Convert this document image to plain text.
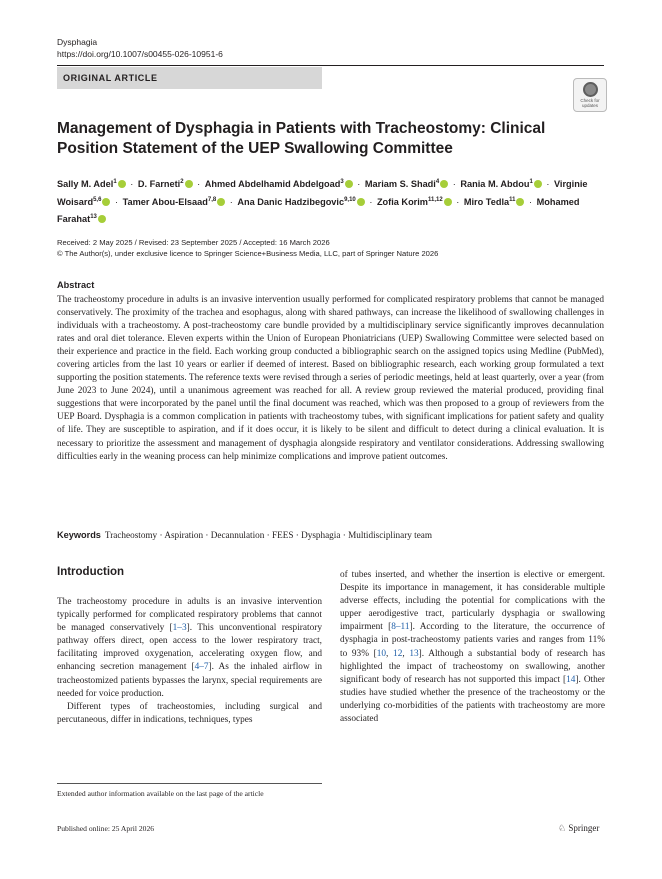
Dysphagia
https://doi.org/10.1007/s00455-026-10951-6
ORIGINAL ARTICLE
Check for updates
Management of Dysphagia in Patients with Tracheostomy: Clinical Position Statement of the UEP Swallowing Committee
Sally M. Adel$^1$ · D. Farneti$^2$ · Ahmed Abdelhamid Abdelgoad$^3$ · Mariam S. Shadi$^4$ · Rania M. Abdou$^1$ · Virginie Woisard$^{5,6}$ · Tamer Abou-Elsaad$^{7,8}$ · Ana Danic Hadzibegovic$^{9,10}$ · Zofia Korim$^{11,12}$ · Miro Tedla$^{11}$ · Mohamed Farahat$^{13}$
Received: 2 May 2025 / Revised: 23 September 2025 / Accepted: 16 March 2026
© The Author(s), under exclusive licence to Springer Science+Business Media, LLC, part of Springer Nature 2026
Abstract

The tracheostomy procedure in adults is an invasive intervention usually performed for complicated respiratory problems that cannot be managed conservatively. The proximity of the trachea and esophagus, along with shared pathways, can increase the likelihood of swallowing challenges in individuals with a tracheostomy. A post-tracheostomy care bundle provided by a multidisciplinary service significantly improves decannulation rates and oral diet tolerance. Eleven experts within the Union of European Phoniatricians (UEP) Swallowing Committee were selected based on their experience and practice in the field. Each working group conducted a bibliographic search on the assigned topics using Medline (PubMed), covering articles from the last 10 years or earlier if deemed of interest. Based on bibliographic research, each working group formulated a text supporting the position statements. The reference texts were revised through a series of periodic meetings, held at least quarterly, over a year (from June 2023 to June 2024), until a unanimous agreement was reached for all. A review group reviewed the material produced, providing final suggestions that were incorporated by the panel until the final document was reached, which was then proposed to a group of reviewers from the UEP Board. Dysphagia is a common complication in patients with tracheostomy tubes, with significant implications for patient safety and quality of life. They are susceptible to aspiration, and if it does occur, it is likely to be silent and difficult to detect during a clinical evaluation. It is necessary to prioritize the assessment and management of dysphagia alongside respiratory and ventilator considerations. Addressing swallowing difficulties early in the weaning process can help minimize complications and improve patient outcomes.

Keywords Tracheostomy · Aspiration · Decannulation · FEES · Dysphagia · Multidisciplinary team
Introduction

The tracheostomy procedure in adults is an invasive intervention typically performed for complicated respiratory problems that cannot be managed conservatively [1–3]. This unconventional respiratory pathway offers direct, open access to the lower respiratory tract, facilitating improved oxygenation, accelerating oxygen flow, and enhancing secretion management [4–7]. As the inhaled airflow in tracheostomized patients bypasses the larynx, special requirements are needed for voice production.

Different types of tracheostomies, including surgical and percutaneous, differ in indications, techniques, types

of tubes inserted, and whether the insertion is elective or emergent. Despite its importance in management, it has considerable multiple adverse effects, including the potential for complications with the upper aerodigestive tract, particularly dysphagia or swallowing impairment [8–11]. According to the literature, the occurrence of dysphagia in post-tracheostomy patients varies and ranges from 11% to 93% [10, 12, 13]. Although a substantial body of research has highlighted the impact of tracheostomy on swallowing, another significant body of research has not supported this impact [14]. Other studies have studied whether the presence of the tracheostomy or the underlying co-morbidities of the patients with tracheostomy are more associated

Extended author information available on the last page of the article
Published online: 25 April 2026	♘ Springer
